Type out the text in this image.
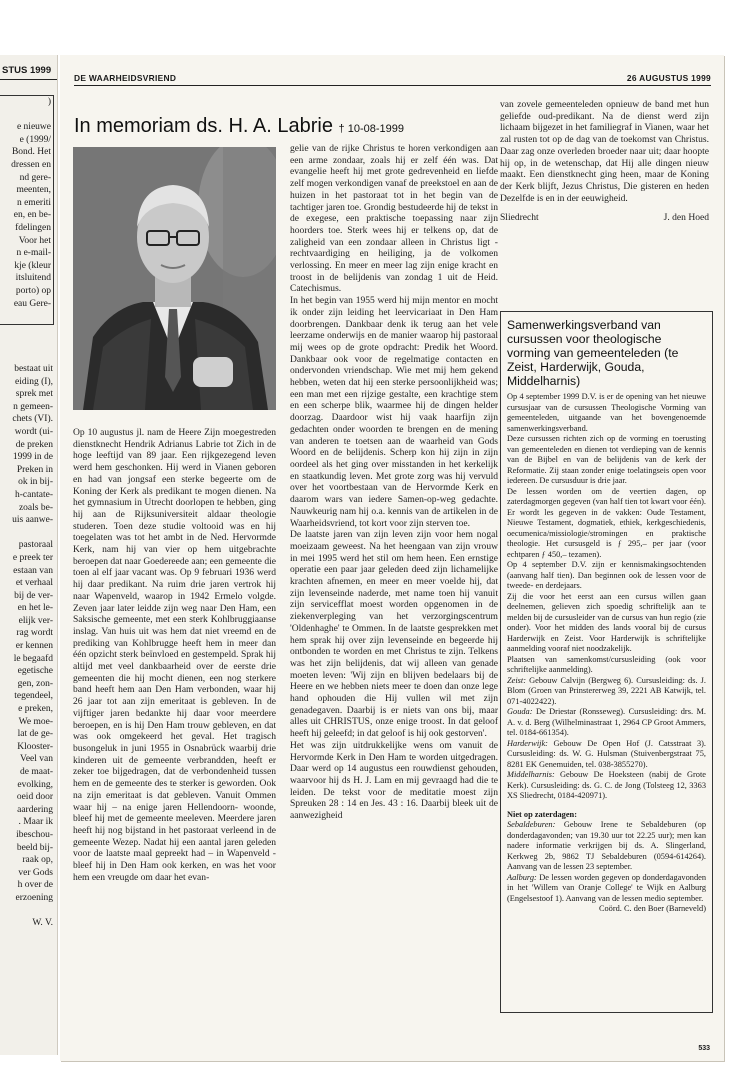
STUS 1999

)

e nieuwe

e (1999/

Bond. Het

dressen en

nd gere-

meenten,

n emeriti

en, en be-

fdelingen

Voor het

n e-mail-

kje (kleur

itsluitend

porto) op

eau Gere-

bestaat uit

eiding (I),

sprek met

n gemeen-

chets (VI).

wordt (ui-

de preken

1999 in de

Preken in

ok in bij-

h-cantate-

zoals be-

uis aanwe-

pastoraal

e preek ter

estaan van

et verhaal

bij de ver-

en het le-

elijk ver-

rag wordt

er kennen

le begaafd

egetische

gen, zon-

tegendeel,

e preken,

We moe-

lat de ge-

Klooster-

Veel van

de maat-

evolking,

oeid door

aardering

. Maar ik

ibeschou-

beeld bij-

raak op,

ver Gods

h over de

erzoening

W. V.

DE WAARHEIDSVRIEND	26 AUGUSTUS 1999
In memoriam ds. H. A. Labrie † 10-08-1999

Op 10 augustus jl. nam de Heere Zijn moegestreden dienstknecht Hendrik Adrianus Labrie tot Zich in de hoge leeftijd van 89 jaar. Een rijkgezegend leven werd hem geschonken. Hij werd in Vianen geboren en had van jongsaf een sterke begeerte om de Koning der Kerk als predikant te mogen dienen. Na het gymnasium in Utrecht doorlopen te hebben, ging hij aan de Rijksuniversiteit aldaar theologie studeren. Toen deze studie voltooid was en hij toegelaten was tot het ambt in de Ned. Hervormde Kerk, nam hij van vier op hem uitgebrachte beroepen dat naar Goedereede aan; een gemeente die toen al elf jaar vacant was. Op 9 februari 1936 werd hij daar predikant. Na ruim drie jaren vertrok hij naar Wapenveld, waarop in 1942 Ermelo volgde. Zeven jaar later leidde zijn weg naar Den Ham, een Saksische gemeente, met een sterk Kohlbruggiaanse inslag. Van huis uit was hem dat niet vreemd en de prediking van Kohlbrugge heeft hem in meer dan één opzicht sterk beïnvloed en gestempeld. Sprak hij altijd met veel dankbaarheid over de eerste drie gemeenten die hij mocht dienen, een nog sterkere band heeft hem aan Den Ham verbonden, waar hij 26 jaar tot aan zijn emeritaat is gebleven. In de vijftiger jaren bedankte hij daar voor meerdere beroepen, en is hij Den Ham trouw gebleven, en dat was ook omgekeerd het geval. Het tragisch busongeluk in juni 1955 in Osnabrück waarbij drie kinderen uit de gemeente verbrandden, heeft er zeker toe bijgedragen, dat de verbondenheid tussen hem en de gemeente des te sterker is geworden. Ook na zijn emeritaat is dat gebleven. Vanuit Ommen waar hij – na enige jaren Hellendoorn- woonde, bleef hij met de gemeente meeleven. Meerdere jaren heeft hij nog bijstand in het pastoraat verleend in de gemeente Wezep. Nadat hij een aantal jaren geleden voor de laatste maal gepreekt had – in Wapenveld - bleef hij in Den Ham ook kerken, en was het voor hem een vreugde om daar het evan-

gelie van de rijke Christus te horen verkondigen aan een arme zondaar, zoals hij er zelf één was. Dat evangelie heeft hij met grote gedrevenheid en liefde zelf mogen verkondigen vanaf de preekstoel en aan de huizen in het pastoraat tot in het begin van de tachtiger jaren toe. Grondig bestudeerde hij de tekst in de exegese, een praktische toepassing naar zijn hoorders toe. Sterk wees hij er telkens op, dat de zaligheid van een zondaar alleen in Christus ligt - rechtvaardiging en heiliging, ja de volkomen verlossing. En meer en meer lag zijn enige kracht en troost in de belijdenis van zondag 1 uit de Heid. Catechismus.

In het begin van 1955 werd hij mijn mentor en mocht ik onder zijn leiding het leervicariaat in Den Ham doorbrengen. Dankbaar denk ik terug aan het vele leerzame onderwijs en de manier waarop hij pastoraal mij wees op de grote opdracht: Predik het Woord. Dankbaar ook voor de regelmatige contacten en ondervonden vriendschap. Wie met mij hem gekend hebben, weten dat hij een sterke persoonlijkheid was; een man met een rijzige gestalte, een krachtige stem en een scherpe blik, waarmee hij de dingen helder doorzag. Daardoor wist hij vaak haarfijn zijn gedachten onder woorden te brengen en de mening van anderen te toetsen aan de waarheid van Gods Woord en de belijdenis. Scherp kon hij zijn in zijn oordeel als het ging over misstanden in het kerkelijk en staatkundig leven. Met grote zorg was hij vervuld over het voortbestaan van de Hervormde Kerk en daarom wars van iedere Samen-op-weg gedachte. Nauwkeurig nam hij o.a. kennis van de artikelen in de Waarheidsvriend, tot kort voor zijn sterven toe.

De laatste jaren van zijn leven zijn voor hem nogal moeizaam geweest. Na het heengaan van zijn vrouw in mei 1995 werd het stil om hem heen. Een ernstige operatie een paar jaar geleden deed zijn lichamelijke krachten afnemen, en meer en meer voelde hij, dat zijn levenseinde naderde, met name toen hij vanuit zijn servicefflat moest worden opgenomen in de ziekenverpleging van het verzorgingscentrum 'Oldenhaghe' te Ommen. In de laatste gesprekken met hem sprak hij over zijn levenseinde en begeerde hij ontbonden te worden en met Christus te zijn. Telkens was het zijn belijdenis, dat wij alleen van genade moeten leven: 'Wij zijn en blijven bedelaars bij de Heere en we hebben niets meer te doen dan onze lege hand ophouden die Hij vullen wil met zijn genadegaven. Daarbij is er niets van ons bij, maar alles uit CHRISTUS, onze enige troost. In dat geloof heeft hij geleefd; in dat geloof is hij ook gestorven'.

Het was zijn uitdrukkelijke wens om vanuit de Hervormde Kerk in Den Ham te worden uitgedragen. Daar werd op 14 augustus een rouwdienst gehouden, waarvoor hij ds H. J. Lam en mij gevraagd had die te leiden. De tekst voor de meditatie moest zijn Spreuken 28 : 14 en Jes. 43 : 16. Daarbij bleek uit de aanwezigheid

van zovele gemeenteleden opnieuw de band met hun geliefde oud-predikant. Na de dienst werd zijn lichaam bijgezet in het familiegraf in Vianen, waar het zal rusten tot op de dag van de toekomst van Christus. Daar zag onze overleden broeder naar uit; daar hoopte hij op, in de wetenschap, dat Hij alle dingen nieuw maakt. Een dienstknecht ging heen, maar de Koning der Kerk blijft, Jezus Christus, Die gisteren en heden Dezelfde is en in der eeuwigheid.

Sliedrecht	J. den Hoed
Samenwerkingsverband van cursussen voor theologische vorming van gemeenteleden (te Zeist, Harderwijk, Gouda, Middelharnis)

Op 4 september 1999 D.V. is er de opening van het nieuwe cursusjaar van de cursussen Theologische Vorming van gemeenteleden, uitgaande van het bovengenoemde samenwerkingsverband.

Deze cursussen richten zich op de vorming en toerusting van gemeenteleden en dienen tot verdieping van de kennis van de Bijbel en van de belijdenis van de kerk der Reformatie. Zij staan zonder enige toelatingseis open voor iedereen. De cursusduur is drie jaar.

De lessen worden om de veertien dagen, op zaterdagmorgen gegeven (van half tien tot kwart voor één). Er wordt les gegeven in de vakken: Oude Testament, Nieuwe Testament, dogmatiek, ethiek, kerkgeschiedenis, oecumenica/missiologie/stromingen en praktische theologie. Het cursusgeld is ƒ 295,– per jaar (voor echtparen ƒ 450,– tezamen).

Op 4 september D.V. zijn er kennismakingsochtenden (aanvang half tien). Dan beginnen ook de lessen voor de tweede- en derdejaars.

Zij die voor het eerst aan een cursus willen gaan deelnemen, gelieven zich spoedig schriftelijk aan te melden bij de cursusleider van de cursus van hun regio (zie onder). Voor het midden des lands vooral bij de cursus Harderwijk en Zeist. Voor Harderwijk is schriftelijke aanmelding vooraf niet noodzakelijk.

Plaatsen van samenkomst/cursusleiding (ook voor schriftelijke aanmelding).

Zeist: Gebouw Calvijn (Bergweg 6). Cursusleiding: ds. J. Blom (Groen van Prinstererweg 39, 2221 AB Katwijk, tel. 071-4022422).

Gouda: De Driestar (Ronsseweg). Cursusleiding: drs. M. A. v. d. Berg (Wilhelminastraat 1, 2964 CP Groot Ammers, tel. 0184-661354).

Harderwijk: Gebouw De Open Hof (J. Catsstraat 3). Cursusleiding: ds. W. G. Hulsman (Stuivenbergstraat 75, 8281 EK Genemuiden, tel. 038-3855270).

Middelharnis: Gebouw De Hoeksteen (nabij de Grote Kerk). Cursusleiding: ds. G. C. de Jong (Tolsteeg 12, 3363 XS Sliedrecht, 0184-420971).

Niet op zaterdagen:

Sebaldeburen: Gebouw Irene te Sebaldeburen (op donderdagavonden; van 19.30 uur tot 22.25 uur); men kan nadere informatie verkrijgen bij ds. A. Slingerland, Kerkweg 2b, 9862 TJ Sebaldeburen (0594-614264). Aanvang van de lessen 23 september.

Aalburg: De lessen worden gegeven op donderdagavonden in het 'Willem van Oranje College' te Wijk en Aalburg (Engelsestoof 1). Aanvang van de lessen medio september.

Coörd. C. den Boer (Barneveld)

533
